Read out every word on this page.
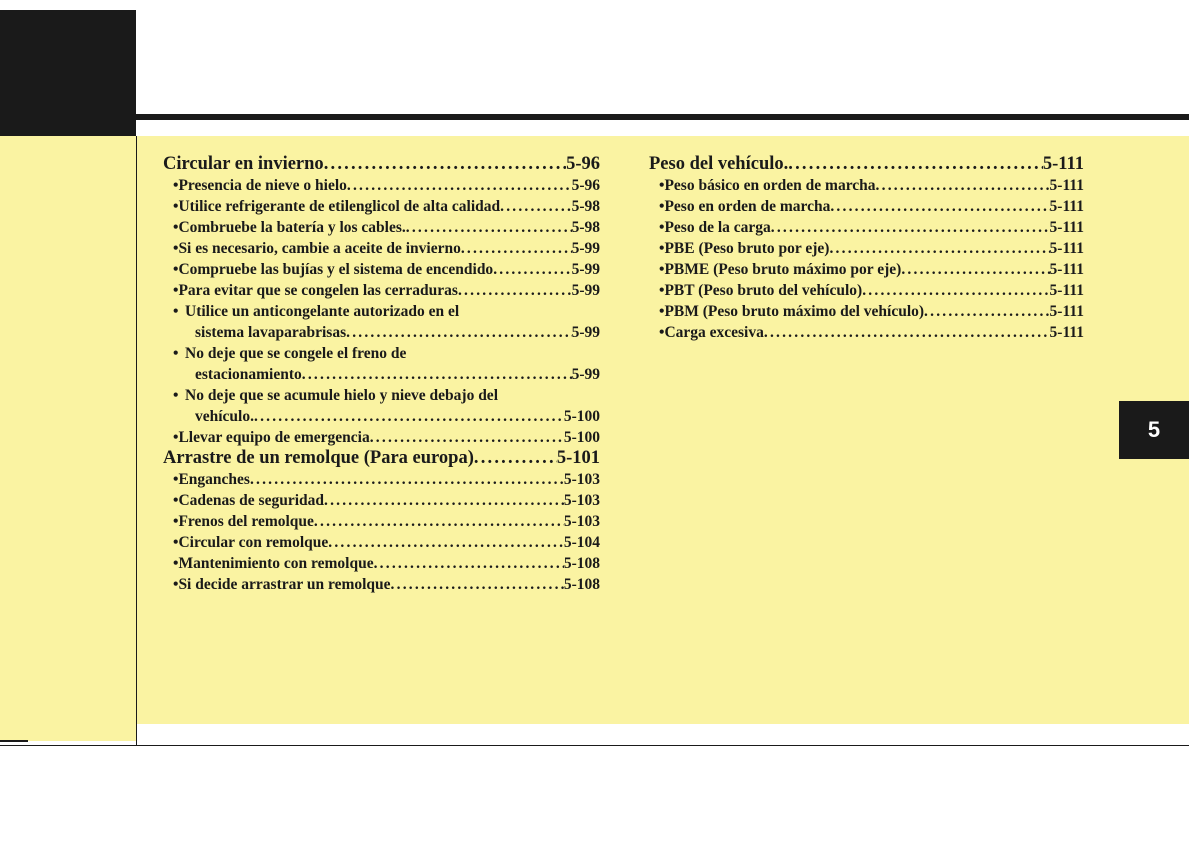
5
Circular en invierno .....	5-96
• Presencia de nieve o hielo .....	5-96
• Utilice refrigerante de etilenglicol de alta calidad .....	5-98
• Combruebe la batería y los cables. .....	5-98
• Si es necesario, cambie a aceite de invierno .....	5-99
• Compruebe las bujías y el sistema de encendido .....	5-99
• Para evitar que se congelen las cerraduras .....	5-99
• Utilice un anticongelante autorizado en el
sistema lavaparabrisas .....	5-99
• No deje que se congele el freno de
estacionamiento .....	5-99
• No deje que se acumule hielo y nieve debajo del
vehículo. .....	5-100
• Llevar equipo de emergencia .....	5-100
Arrastre de un remolque (Para europa) .....	5-101
• Enganches .....	5-103
• Cadenas de seguridad .....	5-103
• Frenos del remolque .....	5-103
• Circular con remolque .....	5-104
• Mantenimiento con remolque .....	5-108
• Si decide arrastrar un remolque .....	5-108
Peso del vehículo. .....	5-111
• Peso básico en orden de marcha .....	5-111
• Peso en orden de marcha .....	5-111
• Peso de la carga .....	5-111
• PBE (Peso bruto por eje) .....	5-111
• PBME (Peso bruto máximo por eje) .....	5-111
• PBT (Peso bruto del vehículo) .....	5-111
• PBM (Peso bruto máximo del vehículo) .....	5-111
• Carga excesiva .....	5-111
